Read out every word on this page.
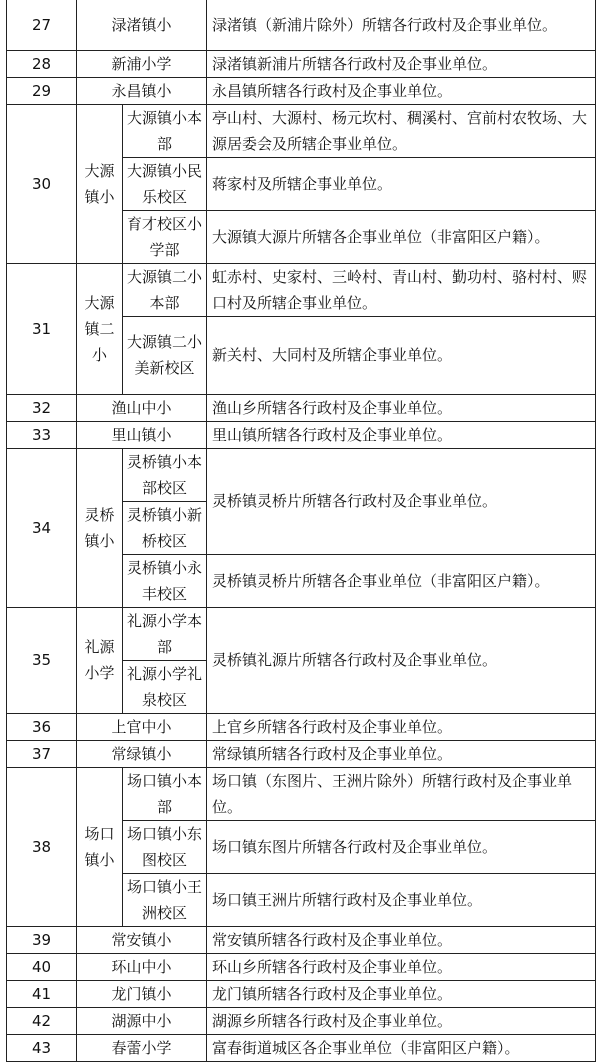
27	渌渚镇小		渌渚镇（新浦片除外）所辖各行政村及企事业单位。
28	新浦小学		渌渚镇新浦片所辖各行政村及企事业单位。
29	永昌镇小		永昌镇所辖各行政村及企事业单位。
30	大源镇小	大源镇小本部	亭山村、大源村、杨元坎村、稠溪村、宫前村农牧场、大源居委会及所辖企事业单位。
		大源镇小民乐校区	蒋家村及所辖企事业单位。
		育才校区小学部	大源镇大源片所辖各企事业单位（非富阳区户籍）。
31	大源镇二小	大源镇二小本部	虹赤村、史家村、三岭村、青山村、勤功村、骆村村、赆口村及所辖企事业单位。
		大源镇二小美新校区	新关村、大同村及所辖企事业单位。
32	渔山中小		渔山乡所辖各行政村及企事业单位。
33	里山镇小		里山镇所辖各行政村及企事业单位。
34	灵桥镇小	灵桥镇小本部校区	灵桥镇灵桥片所辖各行政村及企事业单位。
		灵桥镇小新桥校区	
		灵桥镇小永丰校区	灵桥镇灵桥片所辖各企事业单位（非富阳区户籍）。
35	礼源小学	礼源小学本部	灵桥镇礼源片所辖各行政村及企事业单位。
		礼源小学礼泉校区	
36	上官中小		上官乡所辖各行政村及企事业单位。
37	常绿镇小		常绿镇所辖各行政村及企事业单位。
38	场口镇小	场口镇小本部	场口镇（东图片、王洲片除外）所辖行政村及企事业单位。
		场口镇小东图校区	场口镇东图片所辖各行政村及企事业单位。
		场口镇小王洲校区	场口镇王洲片所辖行政村及企事业单位。
39	常安镇小		常安镇所辖各行政村及企事业单位。
40	环山中小		环山乡所辖各行政村及企事业单位。
41	龙门镇小		龙门镇所辖各行政村及企事业单位。
42	湖源中小		湖源乡所辖各行政村及企事业单位。
43	春蕾小学		富春街道城区各企事业单位（非富阳区户籍）。
